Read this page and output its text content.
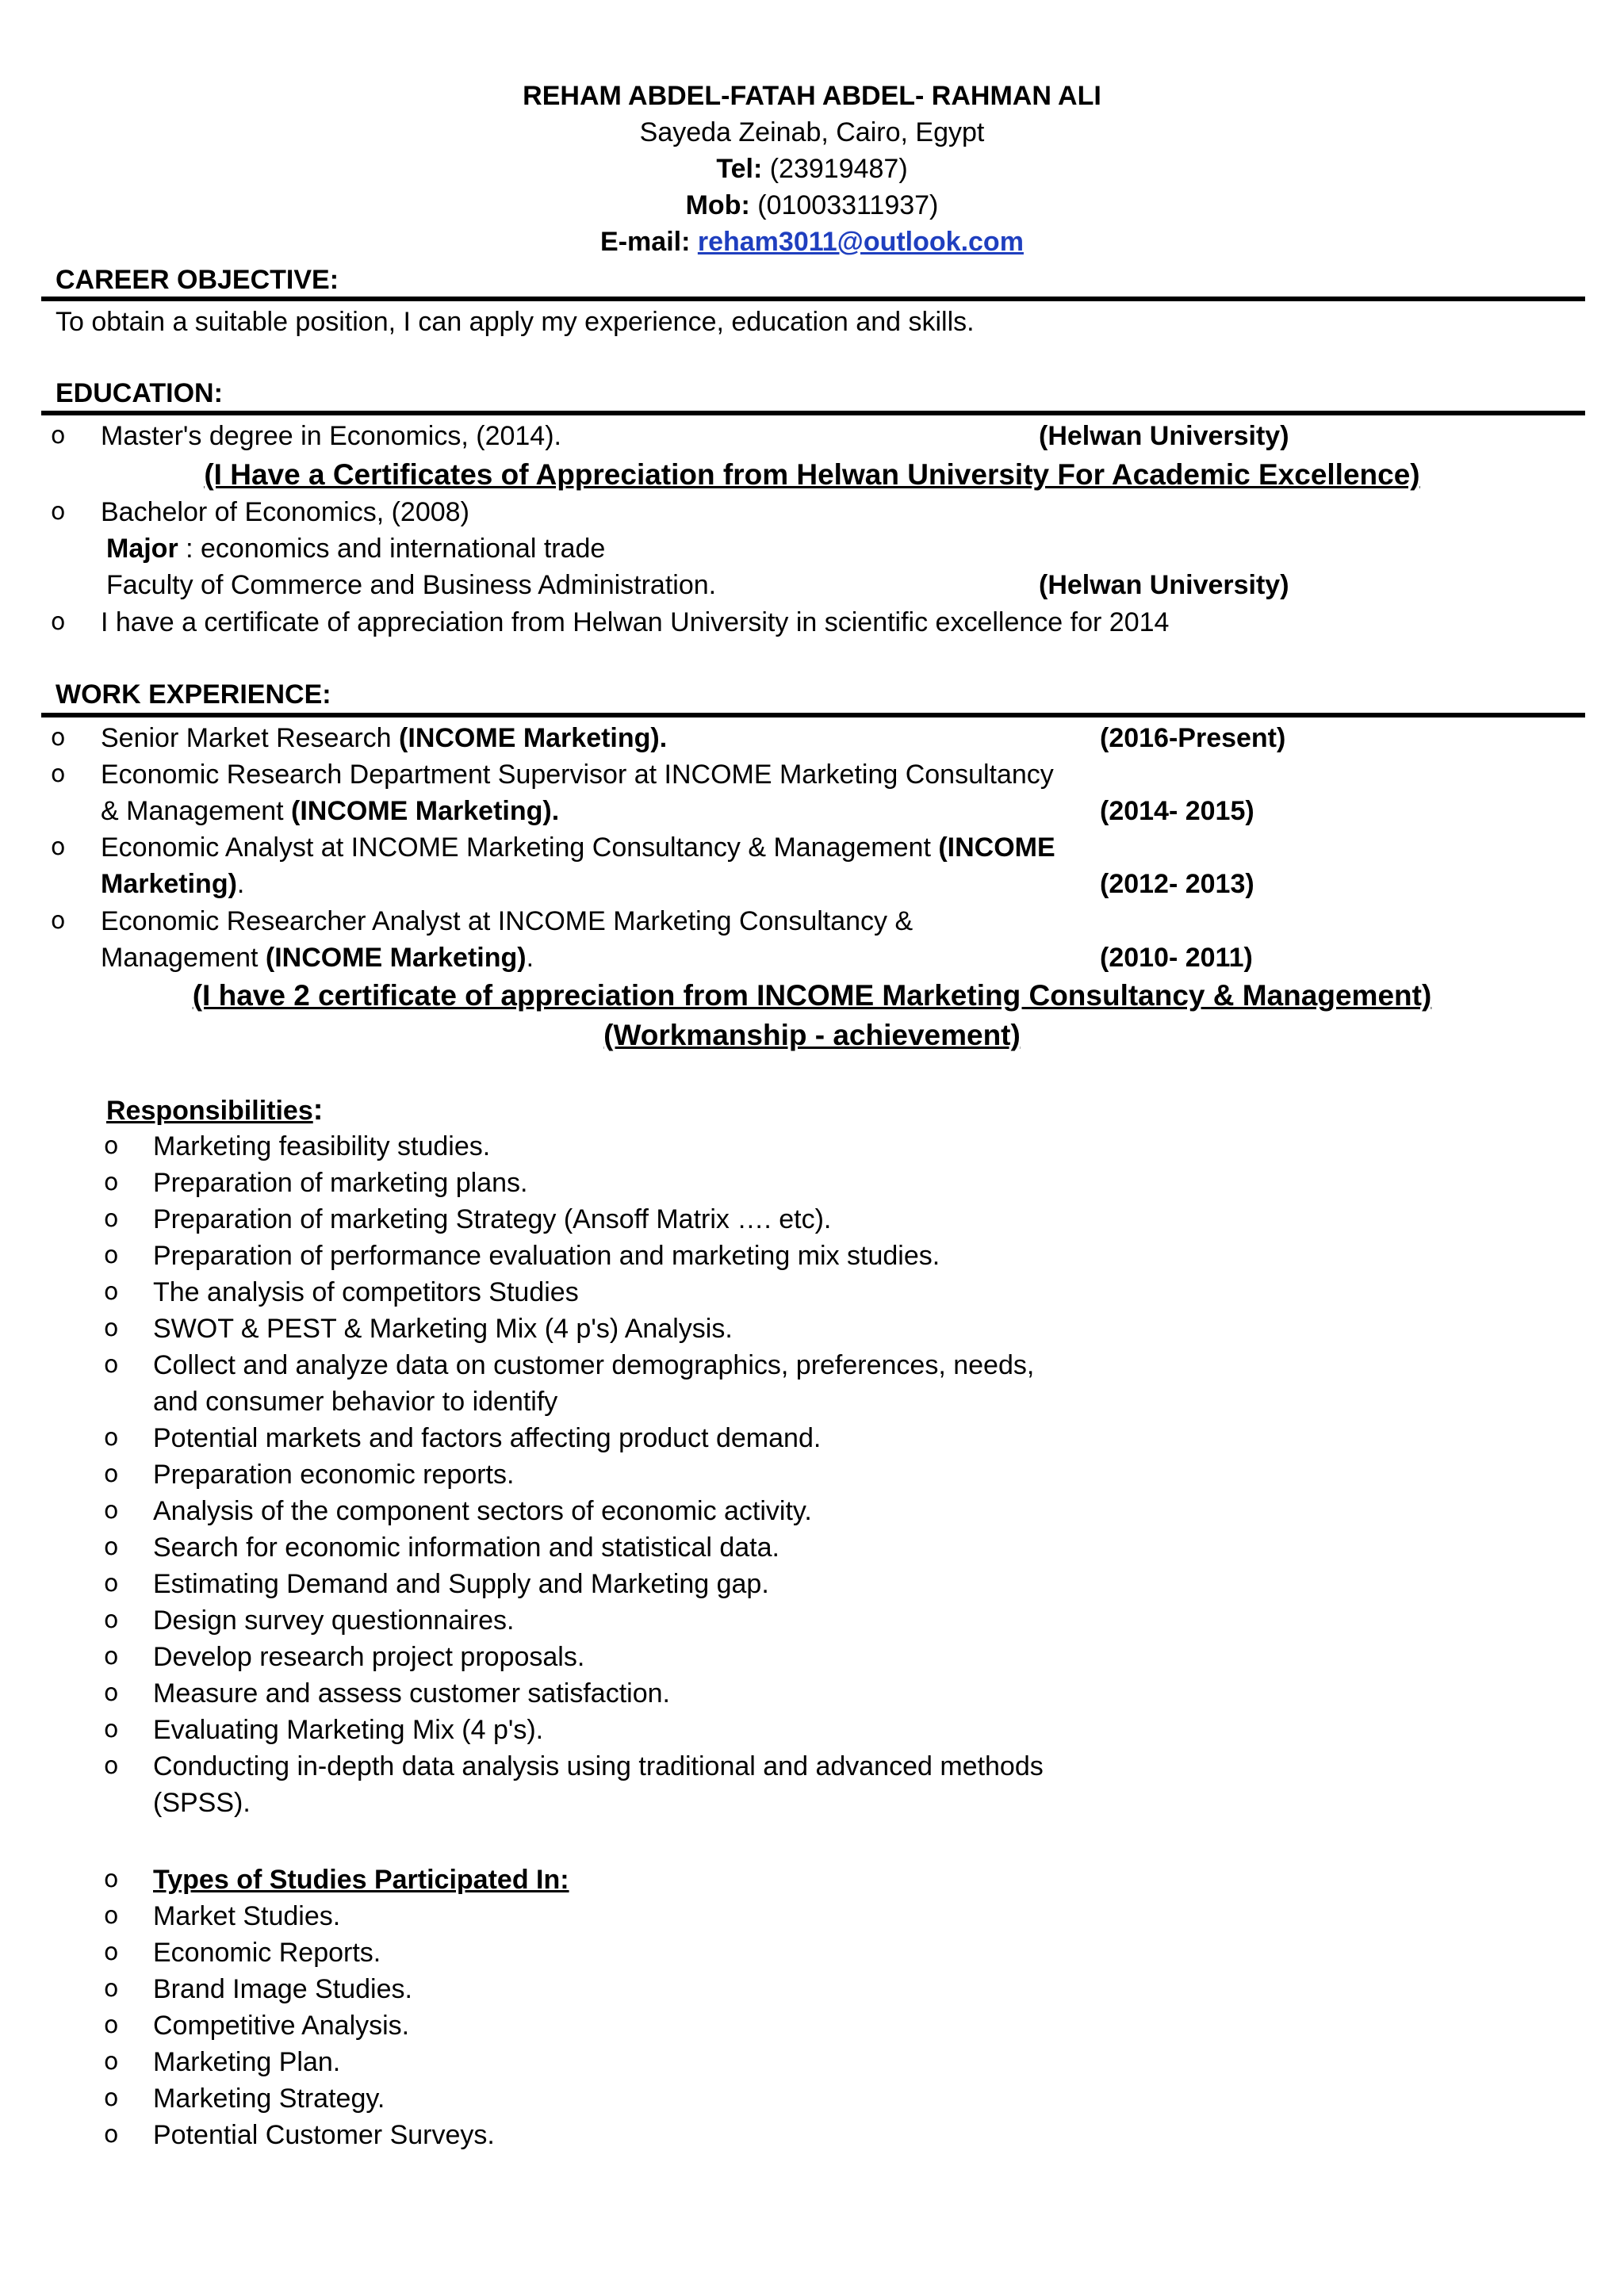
REHAM ABDEL-FATAH ABDEL- RAHMAN ALI
Sayeda Zeinab, Cairo, Egypt
Tel: (23919487)
Mob: (01003311937)
E-mail: reham3011@outlook.com
CAREER OBJECTIVE:
To obtain a suitable position, I can apply my experience, education and skills.
EDUCATION:
o Master's degree in Economics, (2014).	(Helwan University)
(I Have a Certificates of Appreciation from Helwan University For Academic Excellence)
o Bachelor of Economics, (2008)
Major : economics and international trade
Faculty of Commerce and Business Administration.	(Helwan University)
o I have a certificate of appreciation from Helwan University in scientific excellence for 2014
WORK EXPERIENCE:
o Senior Market Research (INCOME Marketing).	(2016-Present)
o Economic Research Department Supervisor at INCOME Marketing Consultancy
& Management (INCOME Marketing).	(2014- 2015)
o Economic Analyst at INCOME Marketing Consultancy & Management (INCOME
Marketing).	(2012- 2013)
o Economic Researcher Analyst at INCOME Marketing Consultancy &
Management (INCOME Marketing).	(2010- 2011)
(I have 2 certificate of appreciation from INCOME Marketing Consultancy & Management)
(Workmanship - achievement)
Responsibilities:
o Marketing feasibility studies.
o Preparation of marketing plans.
o Preparation of marketing Strategy (Ansoff Matrix …. etc).
o Preparation of performance evaluation and marketing mix studies.
o The analysis of competitors Studies
o SWOT & PEST & Marketing Mix (4 p's) Analysis.
o Collect and analyze data on customer demographics, preferences, needs,
o Potential markets and factors affecting product demand.
o Preparation economic reports.
o Analysis of the component sectors of economic activity.
o Search for economic information and statistical data.
o Estimating Demand and Supply and Marketing gap.
o Design survey questionnaires.
o Develop research project proposals.
o Measure and assess customer satisfaction.
o Evaluating Marketing Mix (4 p's).
o Conducting in-depth data analysis using traditional and advanced methods
and consumer behavior to identify
(SPSS).
o Types of Studies Participated In:
o Market Studies.
o Economic Reports.
o Brand Image Studies.
o Competitive Analysis.
o Marketing Plan.
o Marketing Strategy.
o Potential Customer Surveys.
